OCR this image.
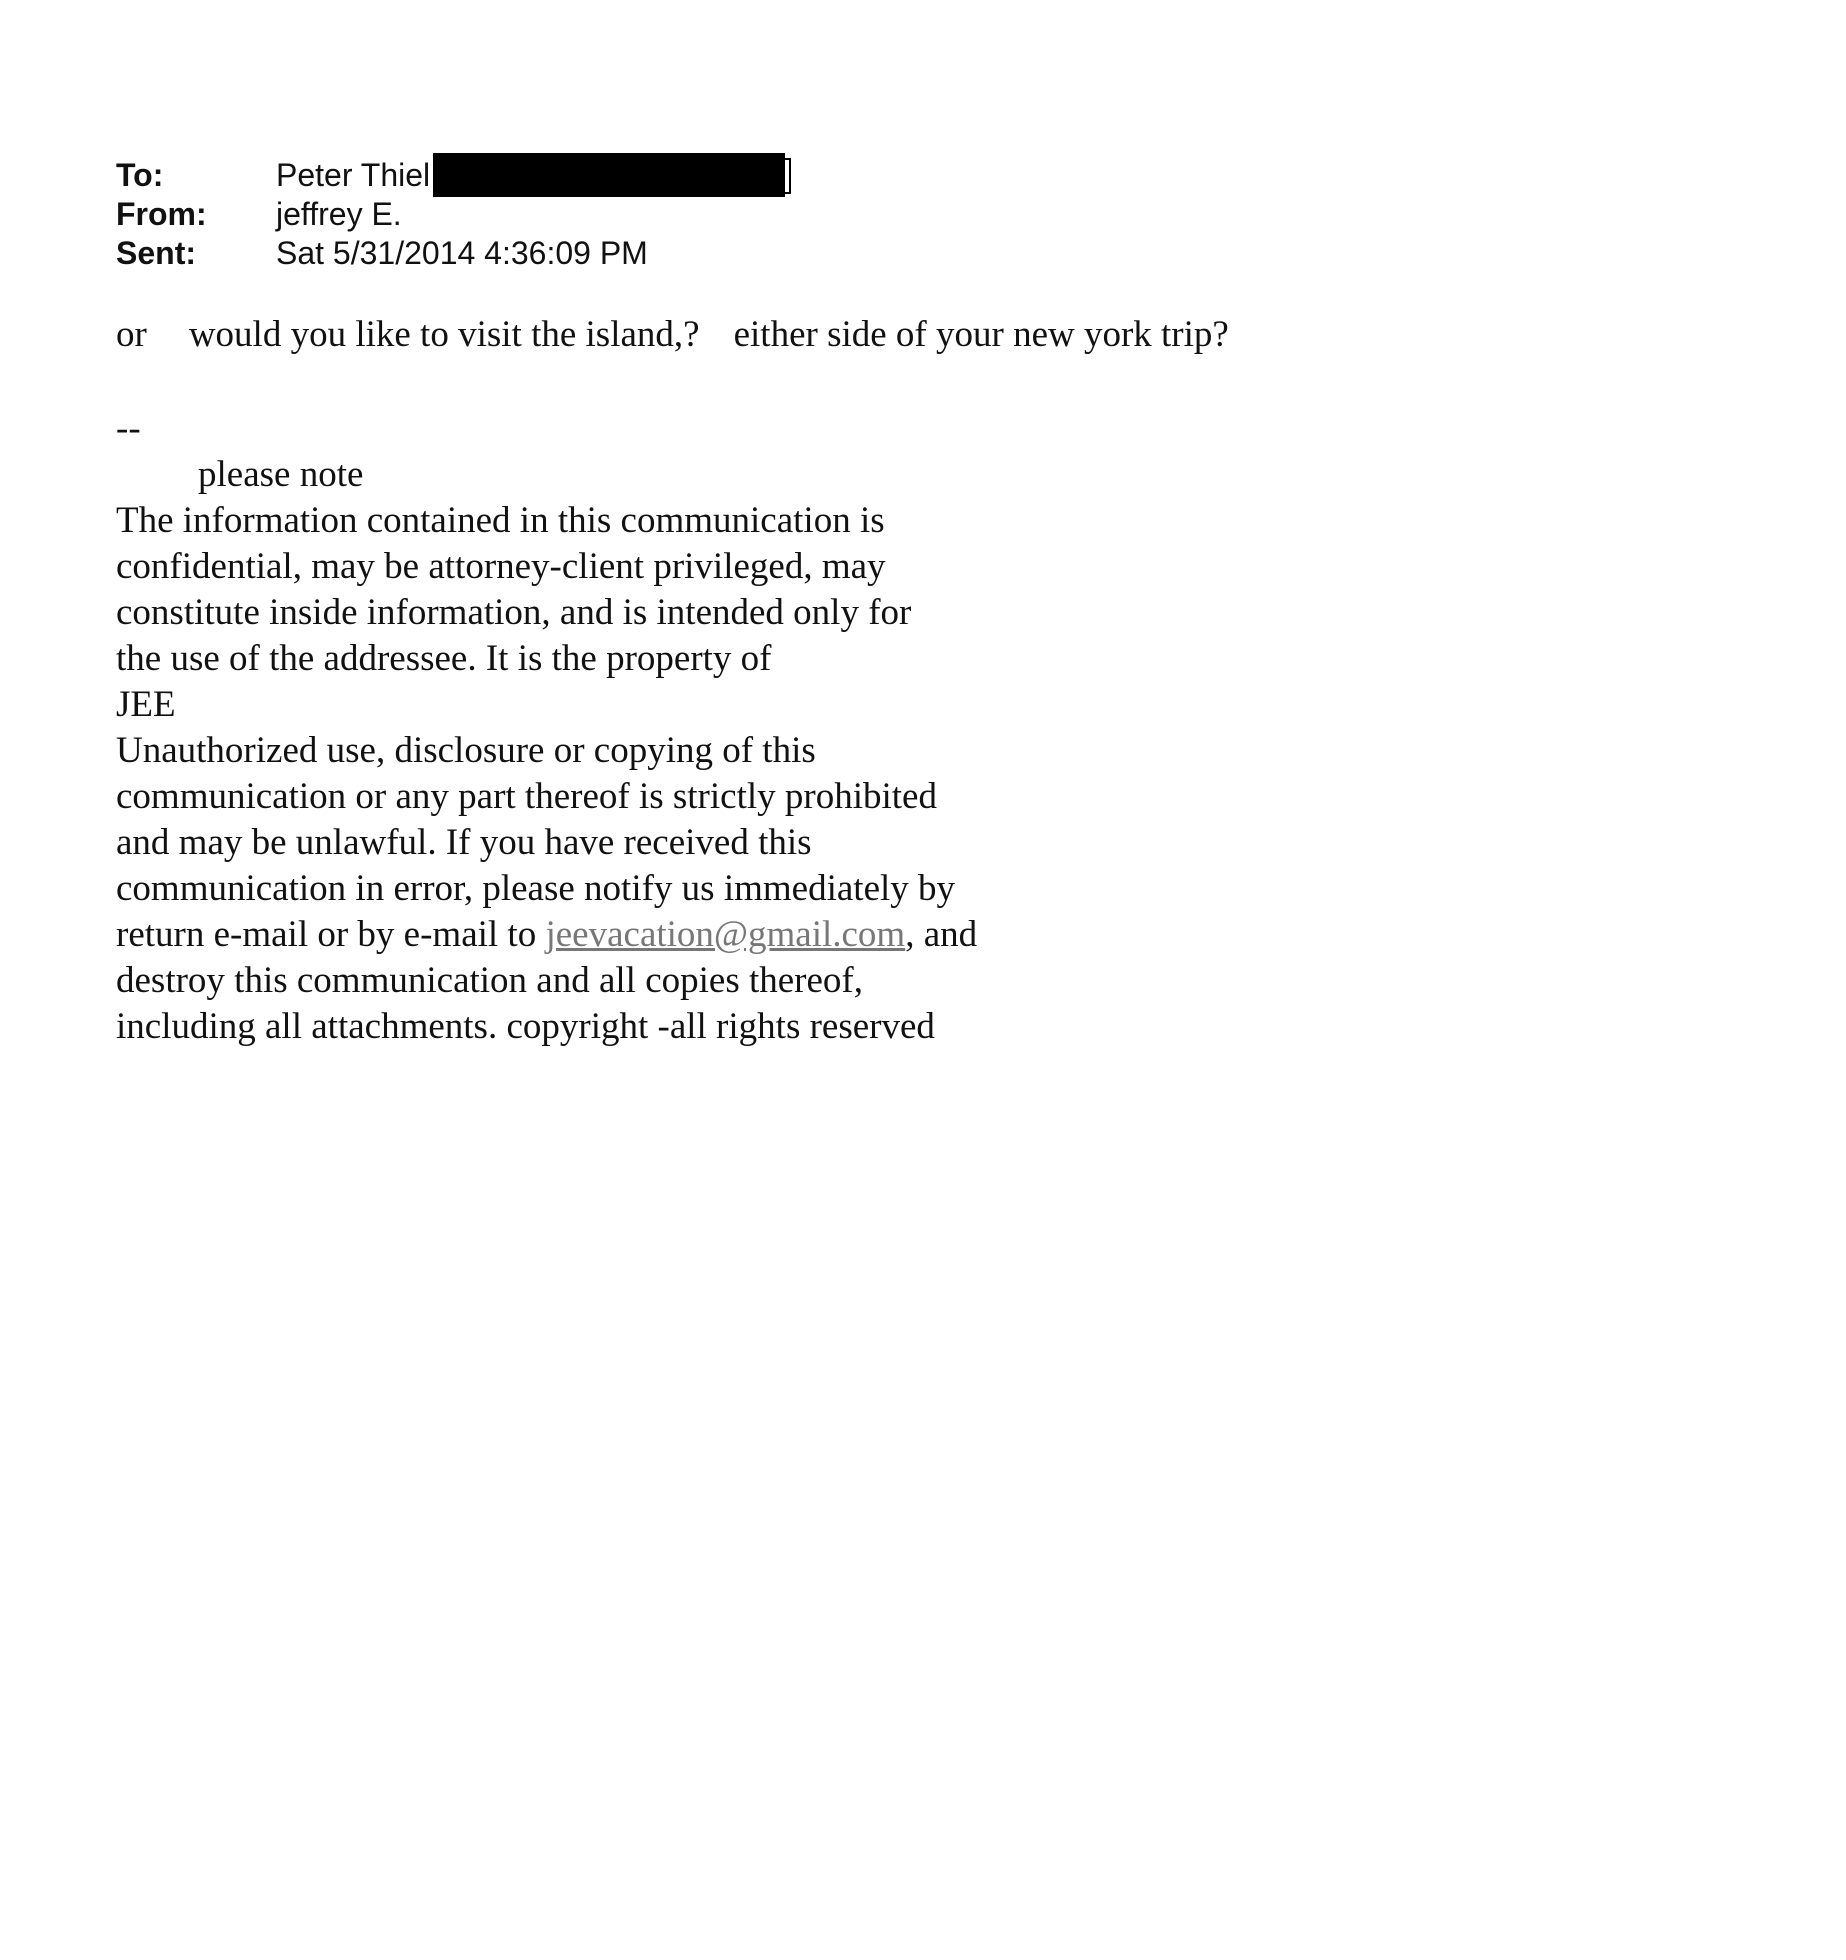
To:	Peter Thiel
From:	jeffrey E.
Sent:	Sat 5/31/2014 4:36:09 PM
or would you like to visit the island,? either side of your new york trip?
--
please note
The information contained in this communication is
confidential, may be attorney-client privileged, may
constitute inside information, and is intended only for
the use of the addressee. It is the property of
JEE
Unauthorized use, disclosure or copying of this
communication or any part thereof is strictly prohibited
and may be unlawful. If you have received this
communication in error, please notify us immediately by
return e-mail or by e-mail to jeevacation@gmail.com, and
destroy this communication and all copies thereof,
including all attachments. copyright -all rights reserved
